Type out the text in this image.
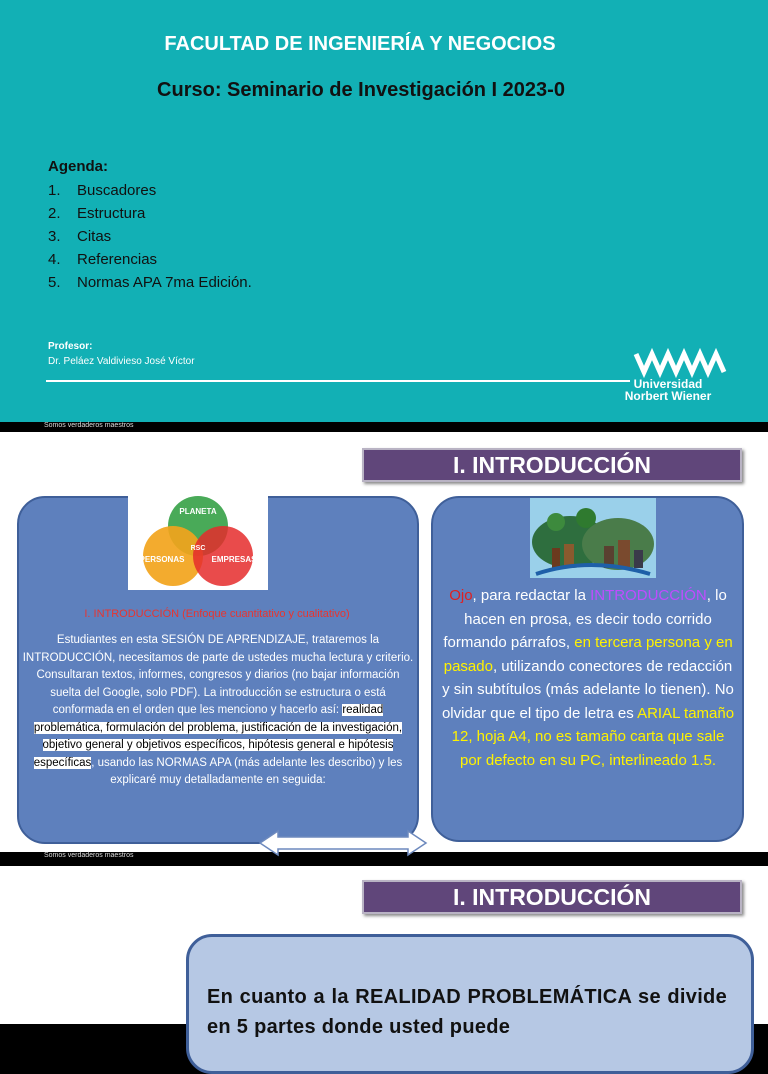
FACULTAD DE INGENIERÍA Y NEGOCIOS
Curso: Seminario de Investigación I 2023-0
Agenda:
1. Buscadores
2. Estructura
3. Citas
4. Referencias
5. Normas APA 7ma Edición.
Profesor:
Dr. Peláez Valdivieso José Víctor
Universidad
Norbert Wiener
Somos verdaderos maestros
I. INTRODUCCIÓN
PLANETA
PERSONAS	EMPRESAS
RSC
I. INTRODUCCIÓN (Enfoque cuantitativo y cualitativo)
Estudiantes en esta SESIÓN DE APRENDIZAJE, trataremos la INTRODUCCIÓN, necesitamos de parte de ustedes mucha lectura y criterio. Consultaran textos, informes, congresos y diarios (no bajar información suelta del Google, solo PDF). La introducción se estructura o está conformada en el orden que les menciono y hacerlo así: realidad problemática, formulación del problema, justificación de la investigación, objetivo general y objetivos específicos, hipótesis general e hipótesis específicas, usando las NORMAS APA (más adelante les describo) y les explicaré muy detalladamente en seguida:
Ojo, para redactar la INTRODUCCIÓN, lo hacen en prosa, es decir todo corrido formando párrafos, en tercera persona y en pasado, utilizando conectores de redacción y sin subtítulos (más adelante lo tienen). No olvidar que el tipo de letra es ARIAL tamaño 12, hoja A4, no es tamaño carta que sale por defecto en su PC, interlineado 1.5.
Somos verdaderos maestros
I. INTRODUCCIÓN
En cuanto a la REALIDAD PROBLEMÁTICA se divide en 5 partes donde usted puede
